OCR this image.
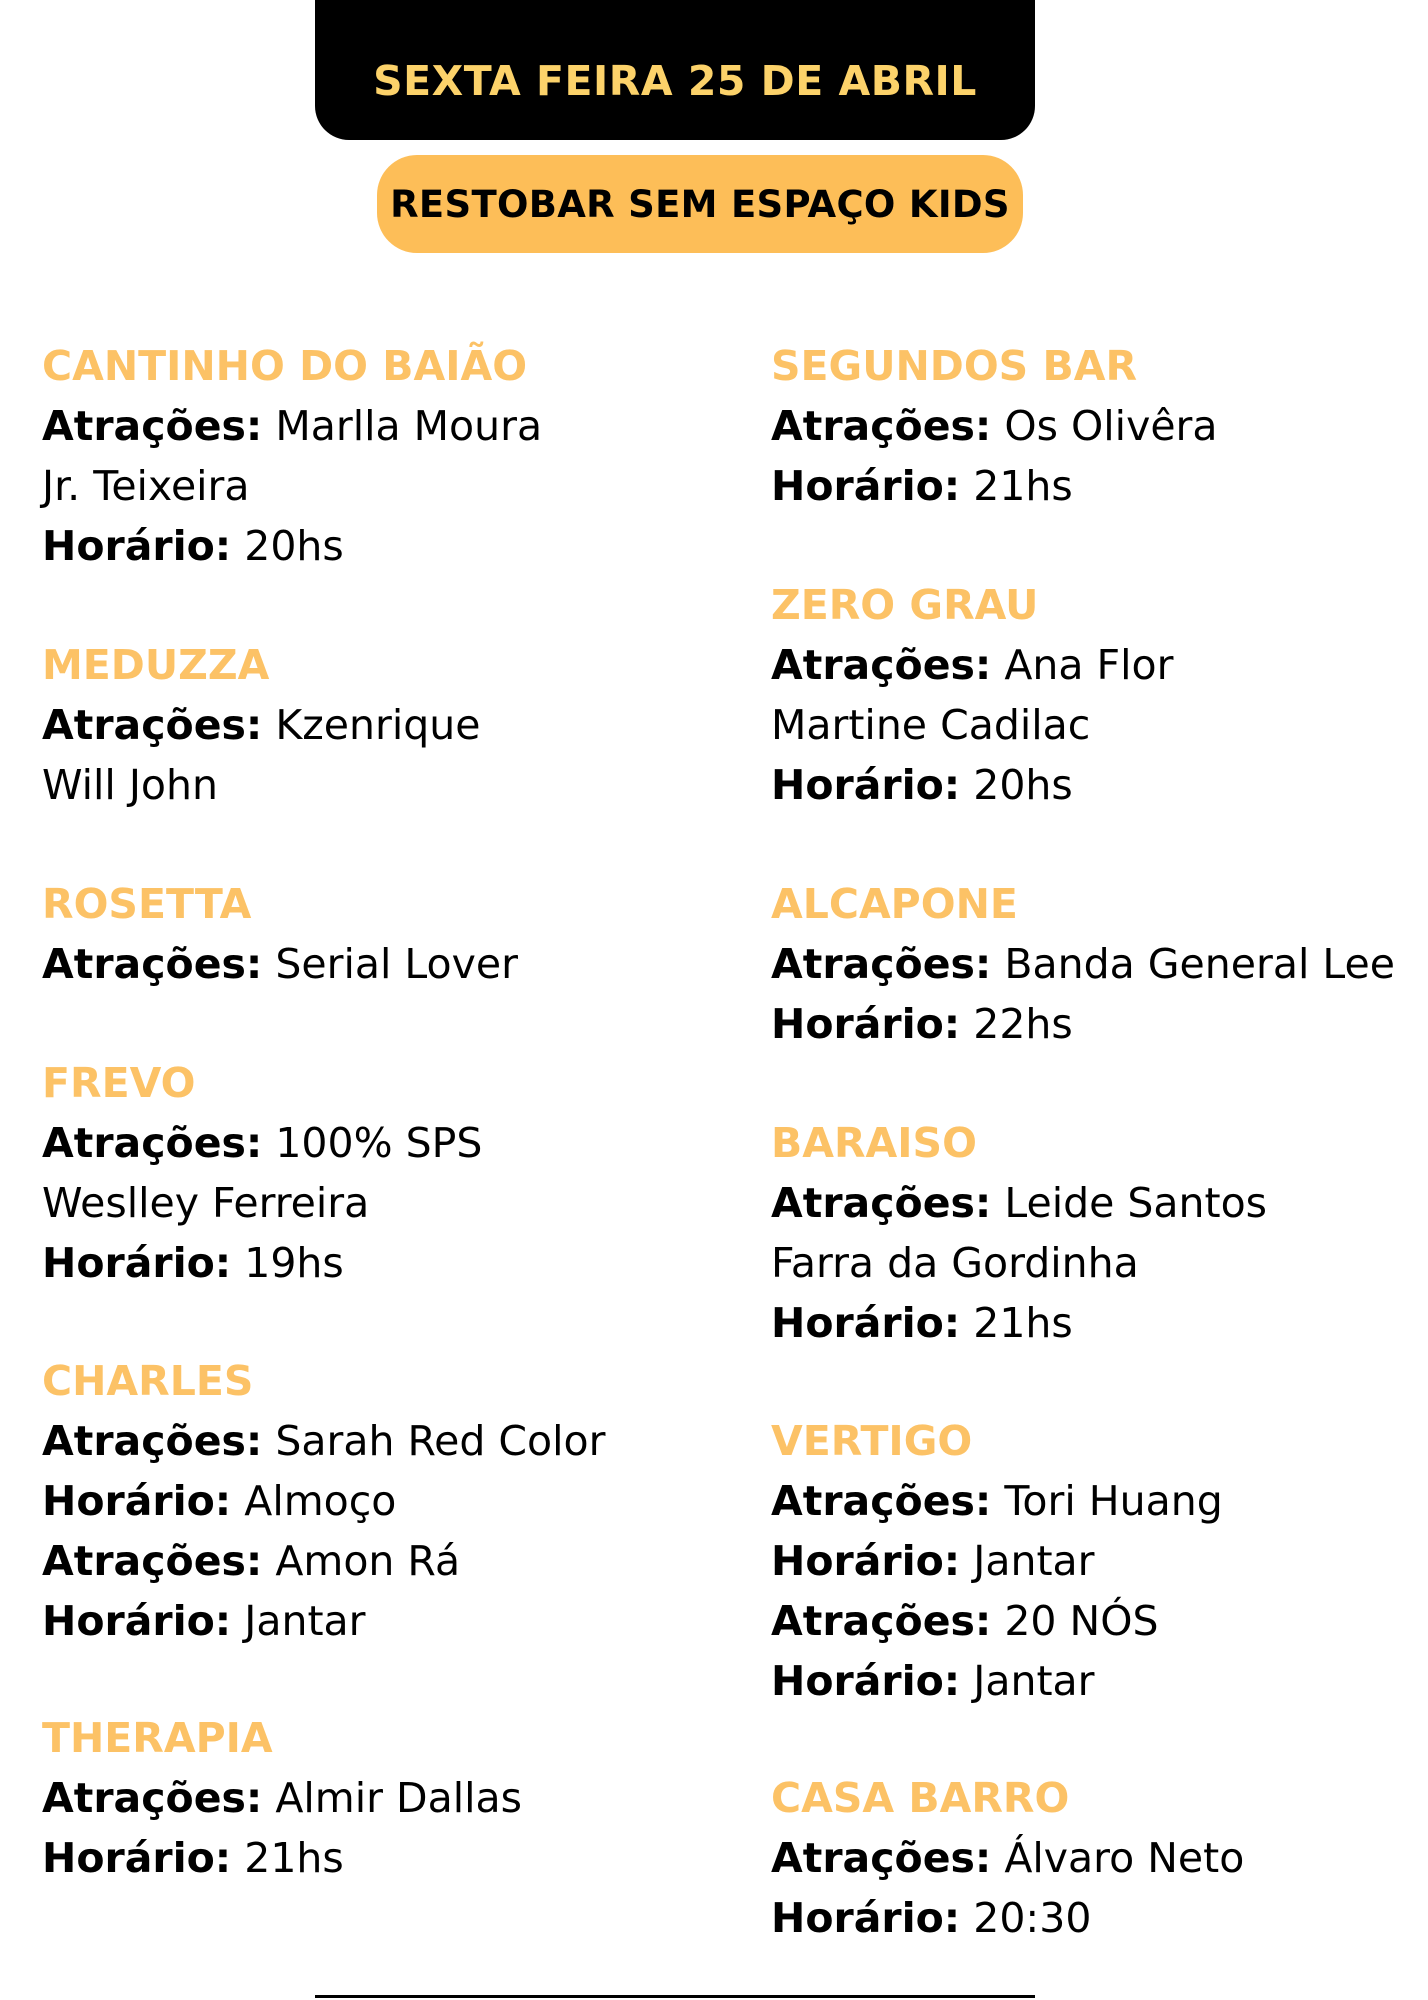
SEXTA FEIRA 25 DE ABRIL
RESTOBAR SEM ESPAÇO KIDS
CANTINHO DO BAIÃO
Atrações: Marlla Moura
Jr. Teixeira
Horário: 20hs
MEDUZZA
Atrações: Kzenrique
Will John
ROSETTA
Atrações: Serial Lover
FREVO
Atrações: 100% SPS
Weslley Ferreira
Horário: 19hs
CHARLES
Atrações: Sarah Red Color
Horário: Almoço
Atrações: Amon Rá
Horário: Jantar
THERAPIA
Atrações: Almir Dallas
Horário: 21hs
SEGUNDOS BAR
Atrações: Os Olivêra
Horário: 21hs
ZERO GRAU
Atrações: Ana Flor
Martine Cadilac
Horário: 20hs
ALCAPONE
Atrações: Banda General Lee
Horário: 22hs
BARAISO
Atrações: Leide Santos
Farra da Gordinha
Horário: 21hs
VERTIGO
Atrações: Tori Huang
Horário: Jantar
Atrações: 20 NÓS
Horário: Jantar
CASA BARRO
Atrações: Álvaro Neto
Horário: 20:30
